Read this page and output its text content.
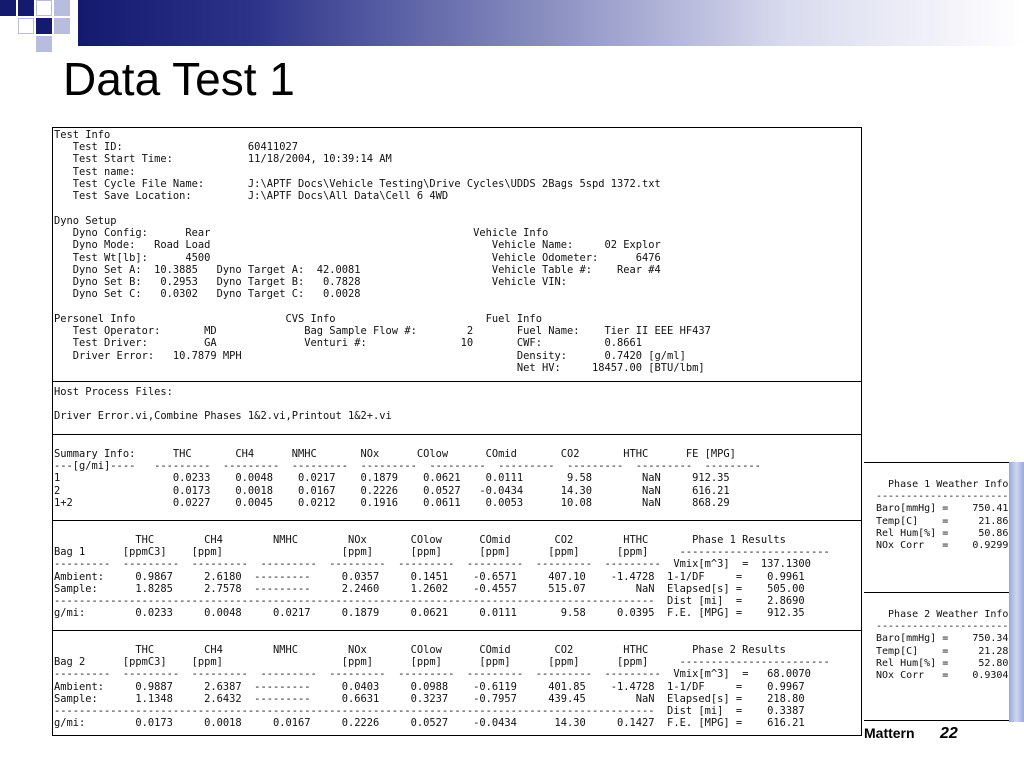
Data Test 1
Test Info
Test ID:                    60411027
Test Start Time:            11/18/2004, 10:39:14 AM
Test name:
Test Cycle File Name:       J:\APTF Docs\Vehicle Testing\Drive Cycles\UDDS 2Bags 5spd 1372.txt
Test Save Location:         J:\APTF Docs\All Data\Cell 6 4WD
Dyno Setup
Dyno Config:      Rear                                          Vehicle Info
Dyno Mode:   Road Load                                             Vehicle Name:     02 Explor
Test Wt[lb]:      4500                                             Vehicle Odometer:      6476
Dyno Set A:  10.3885   Dyno Target A:  42.0081                     Vehicle Table #:    Rear #4
Dyno Set B:   0.2953   Dyno Target B:   0.7828                     Vehicle VIN:
Dyno Set C:   0.0302   Dyno Target C:   0.0028
Personel Info                        CVS Info                        Fuel Info
Test Operator:       MD              Bag Sample Flow #:        2       Fuel Name:    Tier II EEE HF437
Test Driver:         GA              Venturi #:               10       CWF:          0.8661
Driver Error:   10.7879 MPH                                            Density:      0.7420 [g/ml]
Net HV:     18457.00 [BTU/lbm]
Host Process Files:

Driver Error.vi,Combine Phases 1&2.vi,Printout 1&2+.vi
Summary Info:      THC       CH4      NMHC       NOx      COlow      COmid       CO2       HTHC      FE [MPG]
---[g/mi]----   ---------  ---------  ---------  ---------  ---------  ---------  ---------  ---------  ---------
1                  0.0233    0.0048    0.0217    0.1879    0.0621    0.0111       9.58        NaN     912.35
2                  0.0173    0.0018    0.0167    0.2226    0.0527   -0.0434      14.30        NaN     616.21
1+2                0.0227    0.0045    0.0212    0.1916    0.0611    0.0053      10.08        NaN     868.29
THC        CH4        NMHC        NOx       COlow      COmid       CO2        HTHC       Phase 1 Results
Bag 1      [ppmC3]    [ppm]                   [ppm]      [ppm]      [ppm]      [ppm]      [ppm]     ------------------------
---------  ---------  ---------  ---------  ---------  ---------  ---------  ---------  ---------  Vmix[m^3]  =  137.1300
Ambient:     0.9867     2.6180  ---------     0.0357     0.1451    -0.6571     407.10    -1.4728  1-1/DF     =    0.9961
Sample:      1.8285     2.7578  ---------     2.2460     1.2602    -0.4557     515.07        NaN  Elapsed[s] =    505.00
------------------------------------------------------------------------------------------------  Dist [mi]  =    2.8690
g/mi:        0.0233     0.0048     0.0217     0.1879     0.0621     0.0111       9.58     0.0395  F.E. [MPG] =    912.35
THC        CH4        NMHC        NOx       COlow      COmid       CO2        HTHC       Phase 2 Results
Bag 2      [ppmC3]    [ppm]                   [ppm]      [ppm]      [ppm]      [ppm]      [ppm]     ------------------------
---------  ---------  ---------  ---------  ---------  ---------  ---------  ---------  ---------  Vmix[m^3]  =   68.0070
Ambient:     0.9887     2.6387  ---------     0.0403     0.0988    -0.6119     401.85    -1.4728  1-1/DF     =    0.9967
Sample:      1.1348     2.6432  ---------     0.6631     0.3237    -0.7957     439.45        NaN  Elapsed[s] =    218.80
------------------------------------------------------------------------------------------------  Dist [mi]  =    0.3387
g/mi:        0.0173     0.0018     0.0167     0.2226     0.0527    -0.0434      14.30     0.1427  F.E. [MPG] =    616.21
Phase 1 Weather Info
----------------------
Baro[mmHg] =    750.41
Temp[C]    =     21.86
Rel Hum[%] =     50.86
NOx Corr   =    0.9299
Phase 2 Weather Info
----------------------
Baro[mmHg] =    750.34
Temp[C]    =     21.28
Rel Hum[%] =     52.80
NOx Corr   =    0.9304
Mattern 22
